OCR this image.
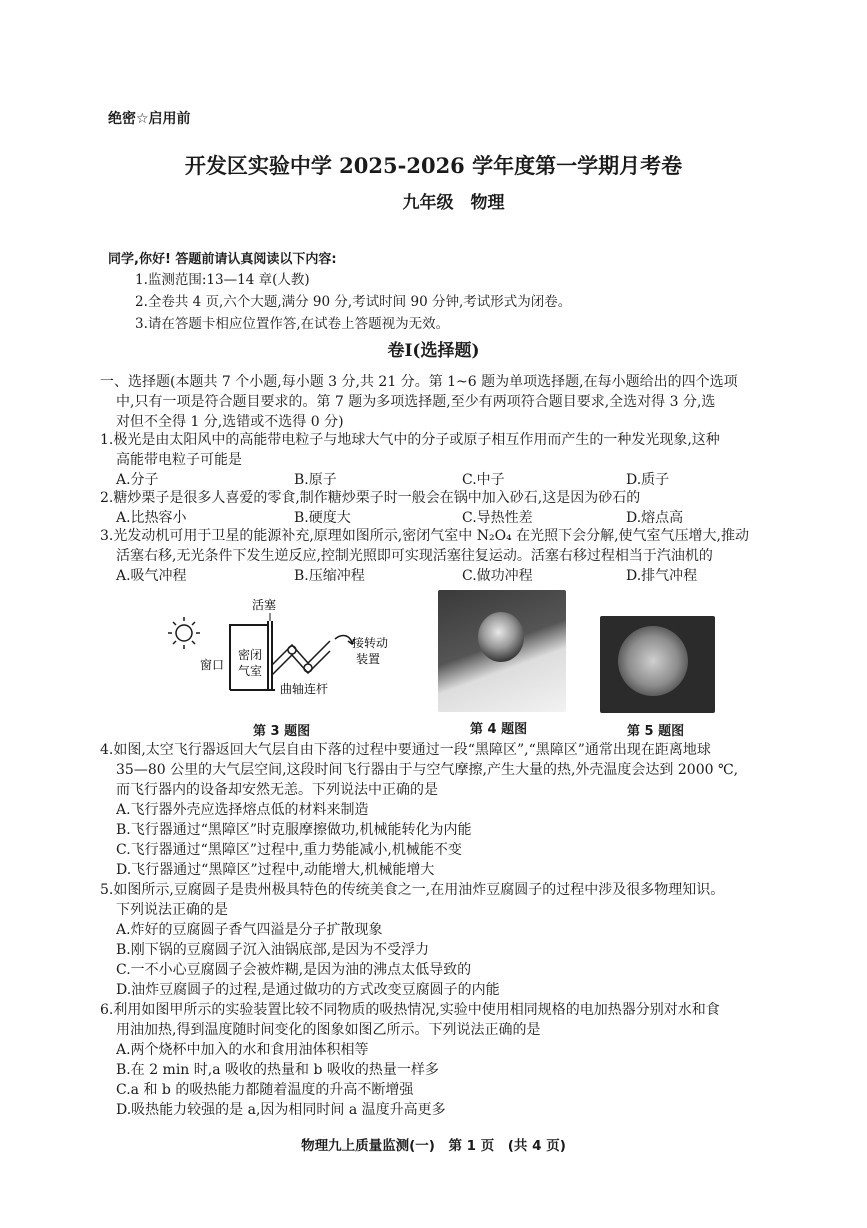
绝密☆启用前
开发区实验中学 2025-2026 学年度第一学期月考卷
九年级　物理
同学,你好! 答题前请认真阅读以下内容:
1.监测范围:13—14 章(人教)
2.全卷共 4 页,六个大题,满分 90 分,考试时间 90 分钟,考试形式为闭卷。
3.请在答题卡相应位置作答,在试卷上答题视为无效。
卷Ⅰ(选择题)
一、选择题(本题共 7 个小题,每小题 3 分,共 21 分。第 1~6 题为单项选择题,在每小题给出的四个选项
中,只有一项是符合题目要求的。第 7 题为多项选择题,至少有两项符合题目要求,全选对得 3 分,选
对但不全得 1 分,选错或不选得 0 分)
1.极光是由太阳风中的高能带电粒子与地球大气中的分子或原子相互作用而产生的一种发光现象,这种
高能带电粒子可能是
A.分子	B.原子	C.中子	D.质子
2.糖炒栗子是很多人喜爱的零食,制作糖炒栗子时一般会在锅中加入砂石,这是因为砂石的
A.比热容小	B.硬度大	C.导热性差	D.熔点高
3.光发动机可用于卫星的能源补充,原理如图所示,密闭气室中 N₂O₄ 在光照下会分解,使气室气压增大,推动
活塞右移,无光条件下发生逆反应,控制光照即可实现活塞往复运动。活塞右移过程相当于汽油机的
A.吸气冲程	B.压缩冲程	C.做功冲程	D.排气冲程
活塞
窗口
密闭
气室
曲轴连杆
接转动
装置
第 3 题图	第 4 题图	第 5 题图
4.如图,太空飞行器返回大气层自由下落的过程中要通过一段“黑障区”,“黑障区”通常出现在距离地球
35—80 公里的大气层空间,这段时间飞行器由于与空气摩擦,产生大量的热,外壳温度会达到 2000 ℃,
而飞行器内的设备却安然无恙。下列说法中正确的是
A.飞行器外壳应选择熔点低的材料来制造
B.飞行器通过“黑障区”时克服摩擦做功,机械能转化为内能
C.飞行器通过“黑障区”过程中,重力势能减小,机械能不变
D.飞行器通过“黑障区”过程中,动能增大,机械能增大
5.如图所示,豆腐圆子是贵州极具特色的传统美食之一,在用油炸豆腐圆子的过程中涉及很多物理知识。
下列说法正确的是
A.炸好的豆腐圆子香气四溢是分子扩散现象
B.刚下锅的豆腐圆子沉入油锅底部,是因为不受浮力
C.一不小心豆腐圆子会被炸糊,是因为油的沸点太低导致的
D.油炸豆腐圆子的过程,是通过做功的方式改变豆腐圆子的内能
6.利用如图甲所示的实验装置比较不同物质的吸热情况,实验中使用相同规格的电加热器分别对水和食
用油加热,得到温度随时间变化的图象如图乙所示。下列说法正确的是
A.两个烧杯中加入的水和食用油体积相等
B.在 2 min 时,a 吸收的热量和 b 吸收的热量一样多
C.a 和 b 的吸热能力都随着温度的升高不断增强
D.吸热能力较强的是 a,因为相同时间 a 温度升高更多
物理九上质量监测(一)　第 1 页　(共 4 页)
